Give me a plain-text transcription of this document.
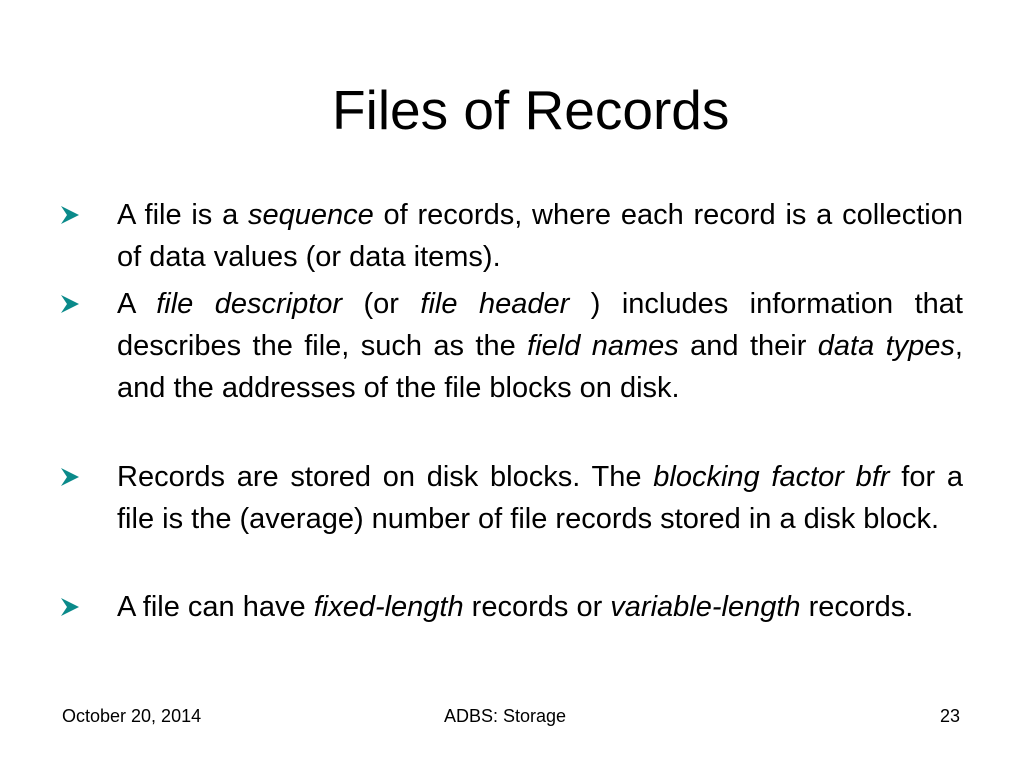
Files of Records
A file is a sequence of records, where each record is a collection of data values (or data items).
A file descriptor (or file header ) includes information that describes the file, such as the field names and their data types, and the addresses of the file blocks on disk.
Records are stored on disk blocks. The blocking factor bfr for a file is the (average) number of file records stored in a disk block.
A file can have fixed-length records or variable-length records.
October 20, 2014	ADBS: Storage	23
